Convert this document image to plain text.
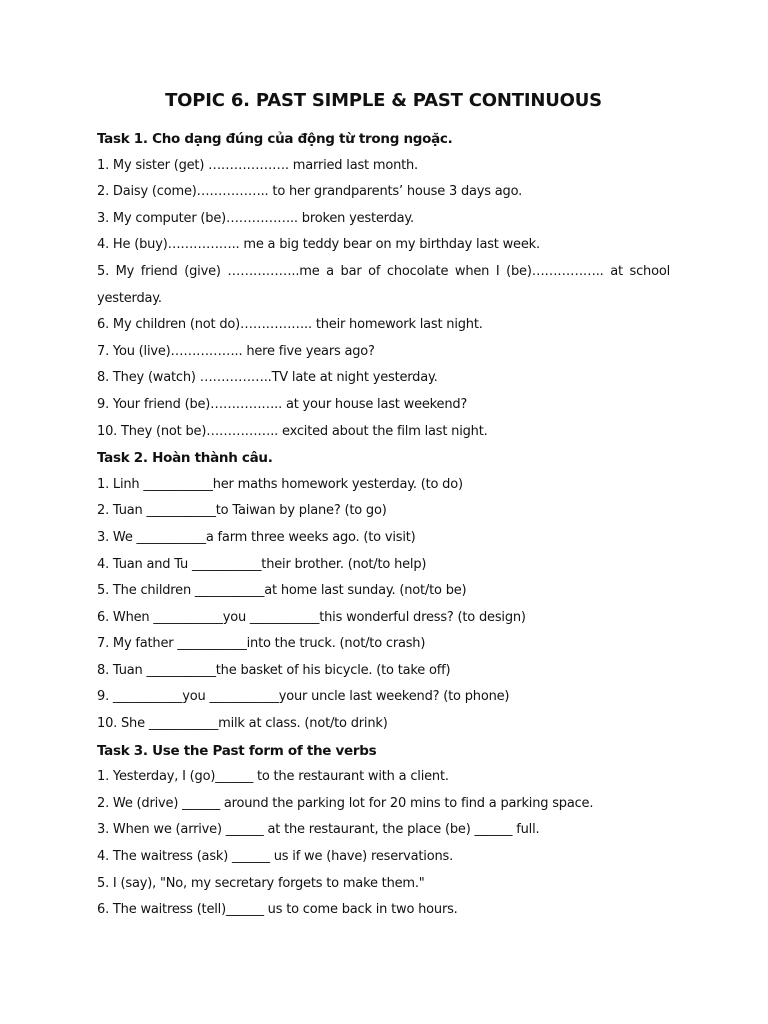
TOPIC 6. PAST SIMPLE & PAST CONTINUOUS

Task 1. Cho dạng đúng của động từ trong ngoặc.

1. My sister (get) ………………. married last month.

2. Daisy (come)…………….. to her grandparents’ house 3 days ago.

3. My computer (be)…………….. broken yesterday.

4. He (buy)…………….. me a big teddy bear on my birthday last week.

5. My friend (give) ……………..me a bar of chocolate when I (be)…………….. at school yesterday.

6. My children (not do)…………….. their homework last night.

7. You (live)…………….. here five years ago?

8. They (watch) ……………..TV late at night yesterday.

9. Your friend (be)…………….. at your house last weekend?

10. They (not be)…………….. excited about the film last night.

Task 2. Hoàn thành câu.

1. Linh ___________her maths homework yesterday. (to do)

2. Tuan ___________to Taiwan by plane? (to go)

3. We ___________a farm three weeks ago. (to visit)

4. Tuan and Tu ___________their brother. (not/to help)

5. The children ___________at home last sunday. (not/to be)

6. When ___________you ___________this wonderful dress? (to design)

7. My father ___________into the truck. (not/to crash)

8. Tuan ___________the basket of his bicycle. (to take off)

9. ___________you ___________your uncle last weekend? (to phone)

10. She ___________milk at class. (not/to drink)

Task 3. Use the Past form of the verbs

1. Yesterday, I (go)______ to the restaurant with a client.

2. We (drive) ______ around the parking lot for 20 mins to find a parking space.

3. When we (arrive) ______ at the restaurant, the place (be) ______ full.

4. The waitress (ask) ______ us if we (have) reservations.

5. I (say), "No, my secretary forgets to make them."

6. The waitress (tell)______ us to come back in two hours.
